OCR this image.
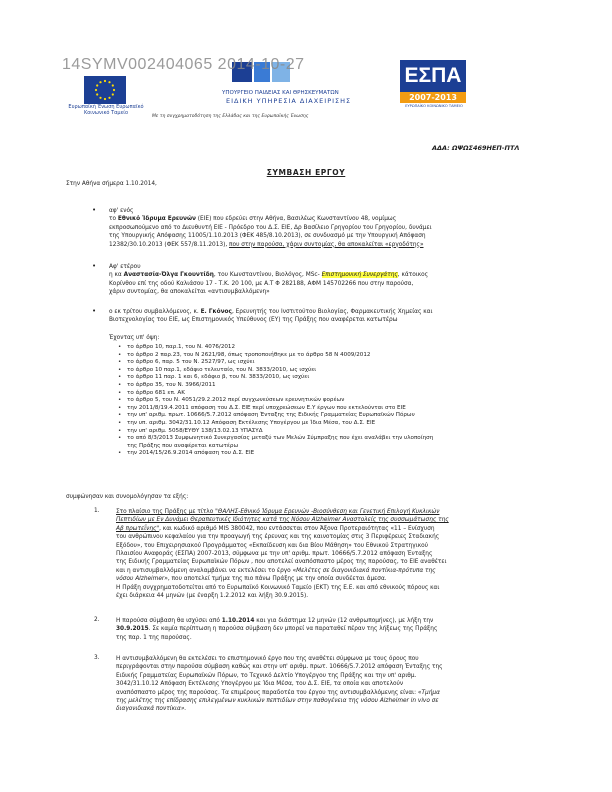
Ευρωπαϊκή Ένωση Ευρωπαϊκό Κοινωνικό Ταμείο
ΥΠΟΥΡΓΕΙΟ ΠΑΙΔΕΙΑΣ ΚΑΙ ΘΡΗΣΚΕΥΜΑΤΩΝ
ΕΙΔΙΚΗ ΥΠΗΡΕΣΙΑ ΔΙΑΧΕΙΡΙΣΗΣ
ΕΣΠΑ
2007-2013
ΕΥΡΩΠΑΪΚΟ ΚΟΙΝΩΝΙΚΟ ΤΑΜΕΙΟ
14SYMV002404065 2014-10-27
Με τη συγχρηματοδότηση της Ελλάδας και της Ευρωπαϊκής Ένωσης
ΑΔΑ: ΩΨΩΣ469ΗΕΠ-ΠΤΛ
ΣΥΜΒΑΣΗ ΕΡΓΟΥ
Στην Αθήνα σήμερα 1.10.2014,
• αφ' ενός
το Εθνικό Ίδρυμα Ερευνών (ΕΙΕ) που εδρεύει στην Αθήνα, Βασιλέως Κωνσταντίνου 48, νομίμως
εκπροσωπούμενο από το Διευθυντή ΕΙΕ - Πρόεδρο του Δ.Σ. ΕΙΕ, Δρ Βασίλειο Γρηγορίου του Γρηγορίου, δυνάμει
της Υπουργικής Απόφασης 11005/1.10.2013 (ΦΕΚ 485/8.10.2013), σε συνδυασμό με την Υπουργική Απόφαση
12382/30.10.2013 (ΦΕΚ 557/8.11.2013), που στην παρούσα, χάριν συντομίας, θα αποκαλείται «εργοδότης»
• Αφ' ετέρου
η κα Αναστασία-Όλγα Γκουντίδη, του Κωνσταντίνου, Βιολόγος, MSc- Επιστημονική Συνεργάτης, κάτοικος
Κορίνθου επί της οδού Καλιάσου 17 - Τ.Κ. 20 100, με Α.Τ Φ 282188, ΑΦΜ 145702266 που στην παρούσα,
χάριν συντομίας, θα αποκαλείται «αντισυμβαλλόμενη»
• ο εκ τρίτου συμβαλλόμενος, κ. Ε. Γκόνος, Ερευνητής του Ινστιτούτου Βιολογίας, Φαρμακευτικής Χημείας και
Βιοτεχνολογίας του ΕΙΕ, ως Επιστημονικός Υπεύθυνος (ΕΥ) της Πράξης που αναφέρεται κατωτέρω
Έχοντας υπ' όψη:
• το άρθρο 10, παρ.1, του Ν. 4076/2012
• το άρθρο 2 παρ.23, του Ν 2621/98, όπως τροποποιήθηκε με το άρθρο 58 Ν 4009/2012
• το άρθρο 6, παρ. 5 του Ν. 2527/97, ως ισχύει
• το άρθρο 10 παρ.1, εδάφιο τελευταίο, του Ν. 3833/2010, ως ισχύει
• το άρθρο 11 παρ. 1 και 6, εδάφιο β, του Ν. 3833/2010, ως ισχύει
• το άρθρο 35, του Ν. 3966/2011
• το άρθρο 681 επ. ΑΚ
• το άρθρο 5, του Ν. 4051/29.2.2012 περί συγχωνεύσεων ερευνητικών φορέων
• την 2011/8/19.4.2011 απόφαση του Δ.Σ. ΕΙΕ περί υποχρεώσεων Ε.Υ έργων που εκτελούνται στο ΕΙΕ
• την υπ' αριθμ. πρωτ. 10666/5.7.2012 απόφαση Ένταξης της Ειδικής Γραμματείας Ευρωπαϊκών Πόρων
• την υπ. αριθμ. 3042/31.10.12 Απόφαση Εκτέλεσης Υπογέργου με Ίδια Μέσα, του Δ.Σ. ΕΙΕ
• την υπ' αριθμ. 5058/ΕΥΘΥ 138/13.02.13 ΥΠΑΣΥΔ
• το από 8/3/2013 Συμφωνητικό Συνεργασίας μεταξύ των Μελών Σύμπραξης που έχει αναλάβει την υλοποίηση
της Πράξης που αναφέρεται κατωτέρω
• την 2014/15/26.9.2014 απόφαση του Δ.Σ. ΕΙΕ
συμφώνησαν και συνομολόγησαν τα εξής:
1.	Στο πλαίσιο της Πράξης με τίτλο "ΘΑΛΗΣ-Εθνικό Ίδρυμα Ερευνών -Βιοσύνθεση και Γενετική Επιλογή Κυκλικών
Πεπτιδίων με Εν Δυνάμει Θεραπευτικές Ιδιότητες κατά της Νόσου Alzheimer Αναστολείς της συσσωμάτωσης της
Αβ πρωτεΐνης", και κωδικό αριθμό MIS 380042, που εντάσσεται στον Άξονα Προτεραιότητας «11 – Ενίσχυση
του ανθρώπινου κεφαλαίου για την προαγωγή της έρευνας και της καινοτομίας στις 3 Περιφέρειες Σταδιακής
Εξόδου», του Επιχειρησιακού Προγράμματος «Εκπαίδευση και δια Βίου Μάθηση» του Εθνικού Στρατηγικού
Πλαισίου Αναφοράς (ΕΣΠΑ) 2007-2013, σύμφωνα με την υπ' αριθμ. πρωτ. 10666/5.7.2012 απόφαση Ένταξης
της Ειδικής Γραμματείας Ευρωπαϊκών Πόρων , που αποτελεί αναπόσπαστο μέρος της παρούσας, το ΕΙΕ αναθέτει
και η αντισυμβαλλόμενη αναλαμβάνει να εκτελέσει το έργο «Μελέτες σε διαγονιδιακά ποντίκια-πρότυπα της
νόσου Alzheimer», που αποτελεί τμήμα της πιο πάνω Πράξης με την οποία συνδέεται άμεσα.
Η Πράξη συγχρηματοδοτείται από το Ευρωπαϊκό Κοινωνικό Ταμείο (ΕΚΤ) της Ε.Ε. και από εθνικούς πόρους και
έχει διάρκεια 44 μηνών (με έναρξη 1.2.2012 και λήξη 30.9.2015).
2.	Η παρούσα σύμβαση θα ισχύσει από 1.10.2014 και για διάστημα 12 μηνών (12 ανθρωπομήνες), με λήξη την
30.9.2015. Σε καμία περίπτωση η παρούσα σύμβαση δεν μπορεί να παραταθεί πέραν της λήξεως της Πράξης
της παρ. 1 της παρούσας.
3.	Η αντισυμβαλλόμενη θα εκτελέσει το επιστημονικό έργο που της αναθέτει σύμφωνα με τους όρους που
περιγράφονται στην παρούσα σύμβαση καθώς και στην υπ' αριθμ. πρωτ. 10666/5.7.2012 απόφαση Ένταξης της
Ειδικής Γραμματείας Ευρωπαϊκών Πόρων, το Τεχνικό Δελτίο Υπογέργου της Πράξης και την υπ' αριθμ.
3042/31.10.12 Απόφαση Εκτέλεσης Υπογέργου με Ίδια Μέσα, του Δ.Σ. ΕΙΕ, τα οποία και αποτελούν
αναπόσπαστο μέρος της παρούσας. Τα επιμέρους παραδοτέα του έργου της αντισυμβαλλόμενης είναι: «Τμήμα
της μελέτης της επίδρασης επιλεγμένων κυκλικών πεπτιδίων στην παθογένεια της νόσου Alzheimer in vivo σε
διαγονιδιακά ποντίκια».
